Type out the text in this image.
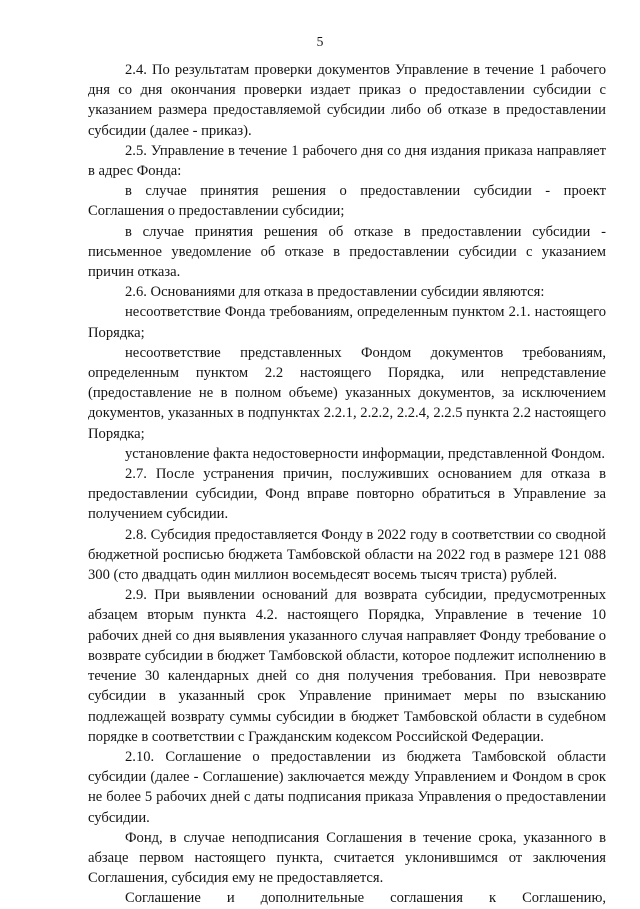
5

2.4. По результатам проверки документов Управление в течение 1 рабочего дня со дня окончания проверки издает приказ о предоставлении субсидии с указанием размера предоставляемой субсидии либо об отказе в предоставлении субсидии (далее - приказ).

2.5. Управление в течение 1 рабочего дня со дня издания приказа направляет в адрес Фонда:

в случае принятия решения о предоставлении субсидии - проект Соглашения о предоставлении субсидии;

в случае принятия решения об отказе в предоставлении субсидии - письменное уведомление об отказе в предоставлении субсидии с указанием причин отказа.

2.6. Основаниями для отказа в предоставлении субсидии являются:

несоответствие Фонда требованиям, определенным пунктом 2.1. настоящего Порядка;

несоответствие представленных Фондом документов требованиям, определенным пунктом 2.2 настоящего Порядка, или непредставление (предоставление не в полном объеме) указанных документов, за исключением документов, указанных в подпунктах 2.2.1, 2.2.2, 2.2.4, 2.2.5 пункта 2.2 настоящего Порядка;

установление факта недостоверности информации, представленной Фондом.

2.7. После устранения причин, послуживших основанием для отказа в предоставлении субсидии, Фонд вправе повторно обратиться в Управление за получением субсидии.

2.8. Субсидия предоставляется Фонду в 2022 году в соответствии со сводной бюджетной росписью бюджета Тамбовской области на 2022 год в размере 121 088 300 (сто двадцать один миллион восемьдесят восемь тысяч триста) рублей.

2.9. При выявлении оснований для возврата субсидии, предусмотренных абзацем вторым пункта 4.2. настоящего Порядка, Управление в течение 10 рабочих дней со дня выявления указанного случая направляет Фонду требование о возврате субсидии в бюджет Тамбовской области, которое подлежит исполнению в течение 30 календарных дней со дня получения требования. При невозврате субсидии в указанный срок Управление принимает меры по взысканию подлежащей возврату суммы субсидии в бюджет Тамбовской области в судебном порядке в соответствии с Гражданским кодексом Российской Федерации.

2.10. Соглашение о предоставлении из бюджета Тамбовской области субсидии (далее - Соглашение) заключается между Управлением и Фондом в срок не более 5 рабочих дней с даты подписания приказа Управления о предоставлении субсидии.

Фонд, в случае неподписания Соглашения в течение срока, указанного в абзаце первом настоящего пункта, считается уклонившимся от заключения Соглашения, субсидия ему не предоставляется.

Соглашение и дополнительные соглашения к Соглашению,
